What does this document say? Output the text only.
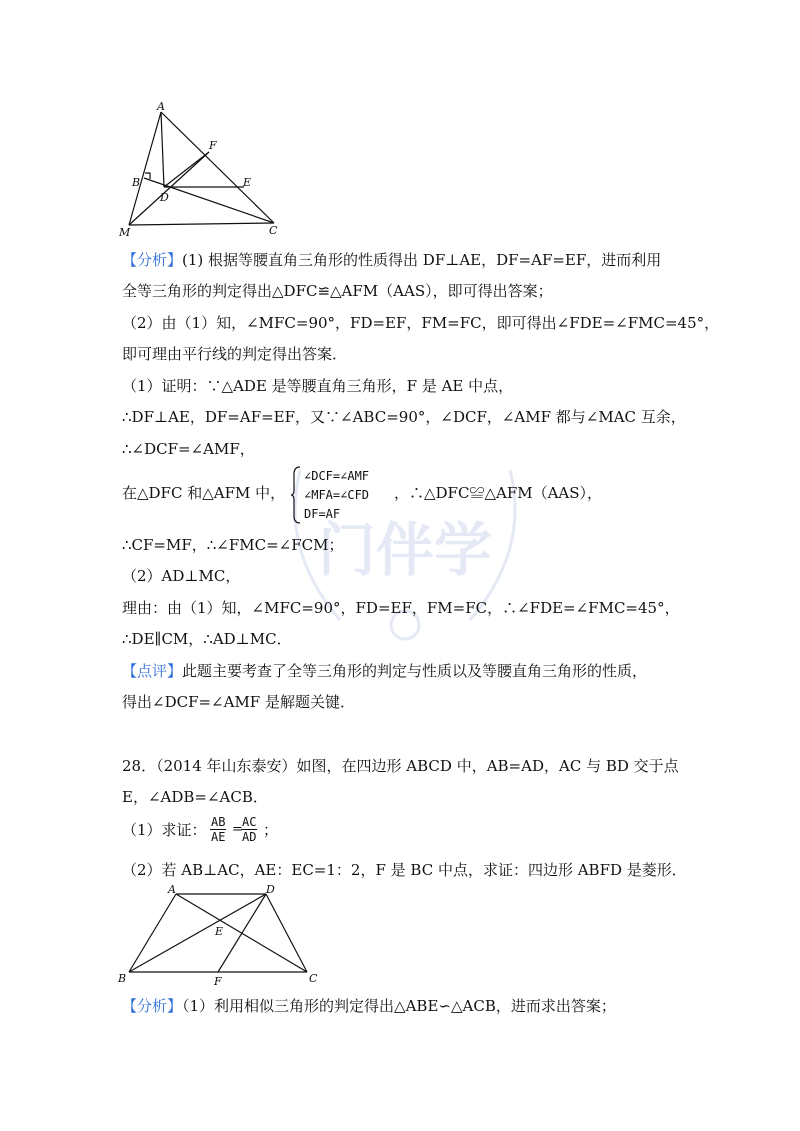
门伴学
A
B
D
F
E
M	C
【分析】(1) 根据等腰直角三角形的性质得出 DF⊥AE，DF=AF=EF，进而利用
全等三角形的判定得出△DFC≌△AFM（AAS），即可得出答案；
（2）由（1）知，∠MFC=90°，FD=EF，FM=FC，即可得出∠FDE=∠FMC=45°，
即可理由平行线的判定得出答案．
（1）证明：∵△ADE 是等腰直角三角形，F 是 AE 中点，
∴DF⊥AE，DF=AF=EF，又∵∠ABC=90°，∠DCF，∠AMF 都与∠MAC 互余，
∴∠DCF=∠AMF，
在△DFC 和△AFM 中，
∠DCF=∠AMF
∠MFA=∠CFD
DF=AF
，∴△DFC≌△AFM（AAS），
∴CF=MF，∴∠FMC=∠FCM；
（2）AD⊥MC，
理由：由（1）知，∠MFC=90°，FD=EF，FM=FC，∴∠FDE=∠FMC=45°，
∴DE∥CM，∴AD⊥MC．
【点评】此题主要考查了全等三角形的判定与性质以及等腰直角三角形的性质，
得出∠DCF=∠AMF 是解题关键．
28．（2014 年山东泰安）如图，在四边形 ABCD 中，AB=AD，AC 与 BD 交于点
E，∠ADB=∠ACB．
（1）求证： $\frac{AB}{AE}$ =
$\frac{AC}{AD}$ ；
（2）若 AB⊥AC，AE：EC=1：2，F 是 BC 中点，求证：四边形 ABFD 是菱形．
A	D
E
B	F	C
【分析】（1）利用相似三角形的判定得出△ABE∽△ACB，进而求出答案；
